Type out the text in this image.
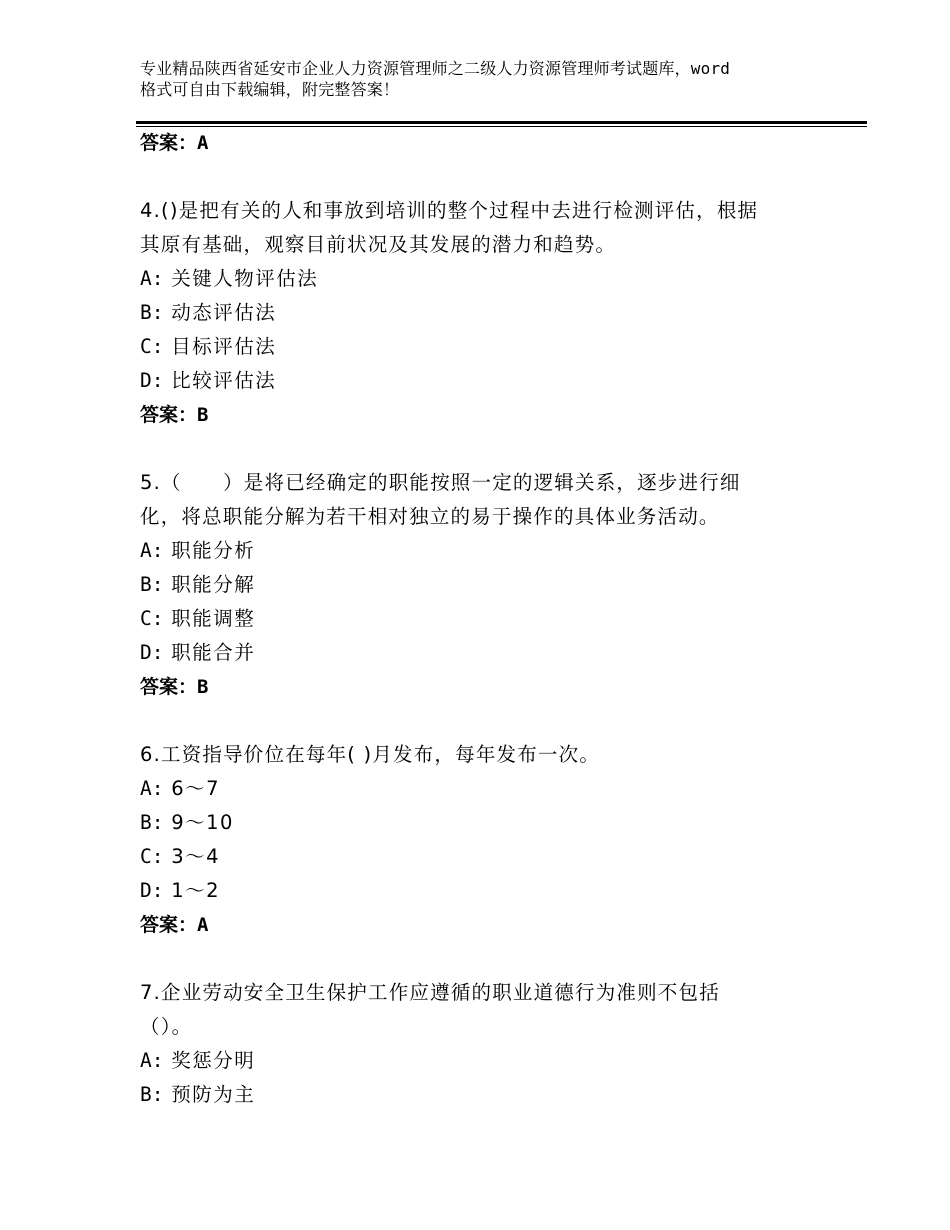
专业精品陕西省延安市企业人力资源管理师之二级人力资源管理师考试题库，word
格式可自由下载编辑，附完整答案！
答案：A
4.()是把有关的人和事放到培训的整个过程中去进行检测评估，根据
其原有基础，观察目前状况及其发展的潜力和趋势。
A: 关键人物评估法
B: 动态评估法
C: 目标评估法
D: 比较评估法
答案：B
5.（　　）是将已经确定的职能按照一定的逻辑关系，逐步进行细
化，将总职能分解为若干相对独立的易于操作的具体业务活动。
A: 职能分析
B: 职能分解
C: 职能调整
D: 职能合并
答案：B
6.工资指导价位在每年( )月发布，每年发布一次。
A: 6～7
B: 9～10
C: 3～4
D: 1～2
答案：A
7.企业劳动安全卫生保护工作应遵循的职业道德行为准则不包括
（）。
A: 奖惩分明
B: 预防为主
